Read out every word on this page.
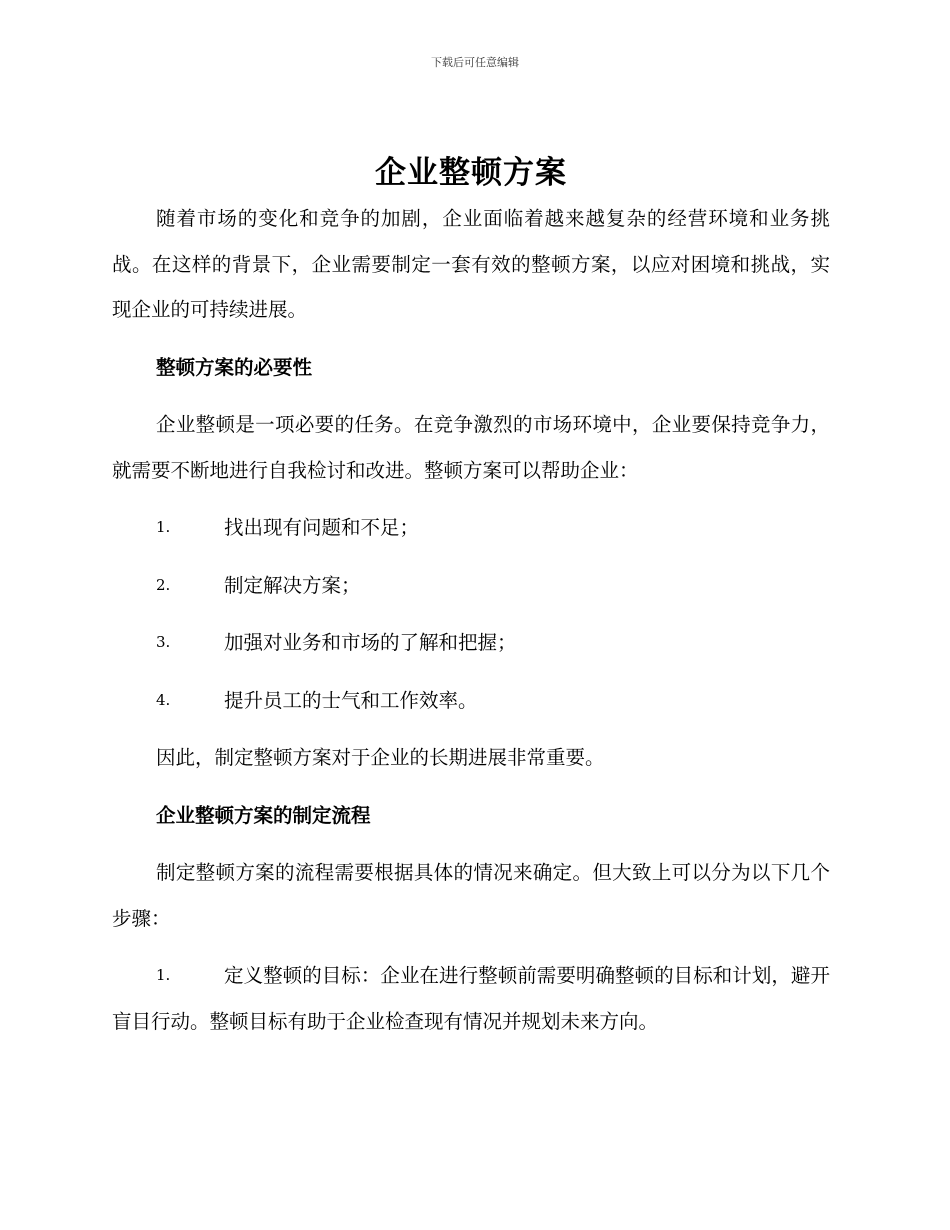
下载后可任意编辑
企业整顿方案

随着市场的变化和竞争的加剧，企业面临着越来越复杂的经营环境和业务挑战。在这样的背景下，企业需要制定一套有效的整顿方案，以应对困境和挑战，实现企业的可持续进展。

整顿方案的必要性

企业整顿是一项必要的任务。在竞争激烈的市场环境中，企业要保持竞争力，就需要不断地进行自我检讨和改进。整顿方案可以帮助企业：

1.	找出现有问题和不足；
2.	制定解决方案；
3.	加强对业务和市场的了解和把握；
4.	提升员工的士气和工作效率。

因此，制定整顿方案对于企业的长期进展非常重要。

企业整顿方案的制定流程

制定整顿方案的流程需要根据具体的情况来确定。但大致上可以分为以下几个步骤：

1.	定义整顿的目标：企业在进行整顿前需要明确整顿的目标和计划，避开盲目行动。整顿目标有助于企业检查现有情况并规划未来方向。
